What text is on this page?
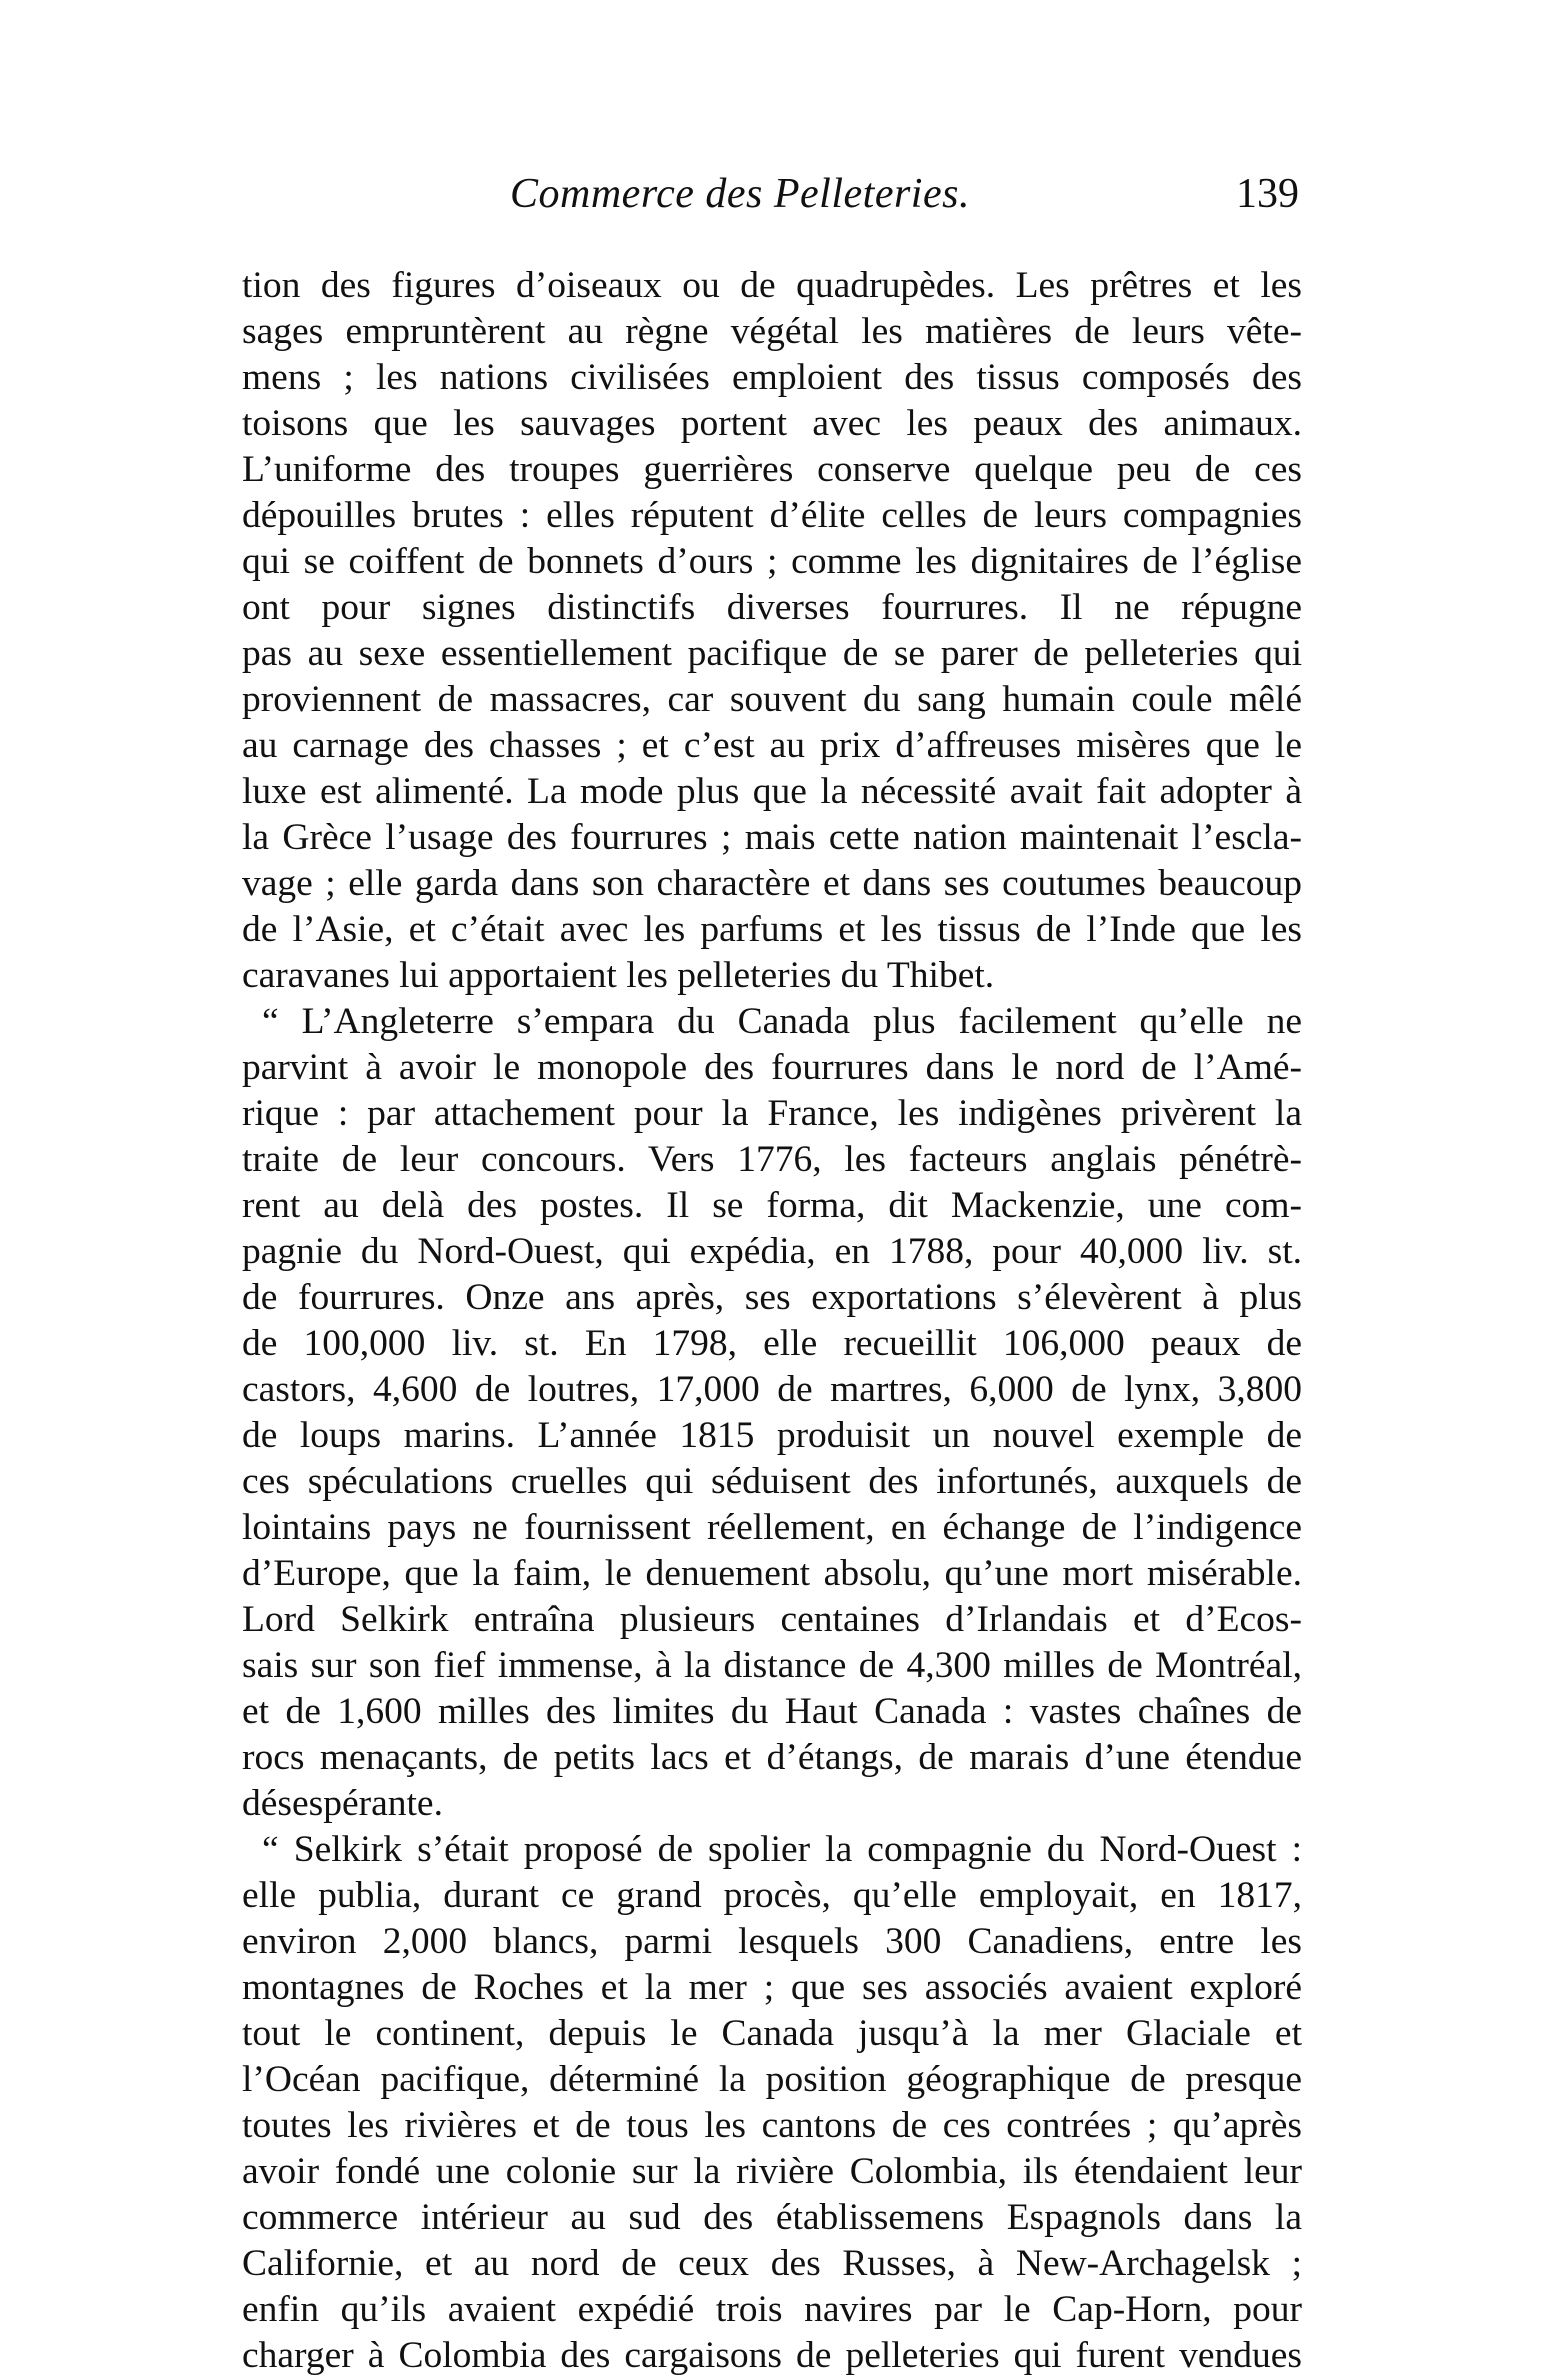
Commerce des Pelleteries.	139
tion des figures d’oiseaux ou de quadrupèdes. Les prêtres et les
sages empruntèrent au règne végétal les matières de leurs vête-
mens ; les nations civilisées emploient des tissus composés des
toisons que les sauvages portent avec les peaux des animaux.
L’uniforme des troupes guerrières conserve quelque peu de ces
dépouilles brutes : elles réputent d’élite celles de leurs compagnies
qui se coiffent de bonnets d’ours ; comme les dignitaires de l’église
ont pour signes distinctifs diverses fourrures. Il ne répugne
pas au sexe essentiellement pacifique de se parer de pelleteries qui
proviennent de massacres, car souvent du sang humain coule mêlé
au carnage des chasses ; et c’est au prix d’affreuses misères que le
luxe est alimenté. La mode plus que la nécessité avait fait adopter à
la Grèce l’usage des fourrures ; mais cette nation maintenait l’escla-
vage ; elle garda dans son charactère et dans ses coutumes beaucoup
de l’Asie, et c’était avec les parfums et les tissus de l’Inde que les
caravanes lui apportaient les pelleteries du Thibet.
“ L’Angleterre s’empara du Canada plus facilement qu’elle ne
parvint à avoir le monopole des fourrures dans le nord de l’Amé-
rique : par attachement pour la France, les indigènes privèrent la
traite de leur concours. Vers 1776, les facteurs anglais pénétrè-
rent au delà des postes. Il se forma, dit Mackenzie, une com-
pagnie du Nord-Ouest, qui expédia, en 1788, pour 40,000 liv. st.
de fourrures. Onze ans après, ses exportations s’élevèrent à plus
de 100,000 liv. st. En 1798, elle recueillit 106,000 peaux de
castors, 4,600 de loutres, 17,000 de martres, 6,000 de lynx, 3,800
de loups marins. L’année 1815 produisit un nouvel exemple de
ces spéculations cruelles qui séduisent des infortunés, auxquels de
lointains pays ne fournissent réellement, en échange de l’indigence
d’Europe, que la faim, le denuement absolu, qu’une mort misérable.
Lord Selkirk entraîna plusieurs centaines d’Irlandais et d’Ecos-
sais sur son fief immense, à la distance de 4,300 milles de Montréal,
et de 1,600 milles des limites du Haut Canada : vastes chaînes de
rocs menaçants, de petits lacs et d’étangs, de marais d’une étendue
désespérante.
“ Selkirk s’était proposé de spolier la compagnie du Nord-Ouest :
elle publia, durant ce grand procès, qu’elle employait, en 1817,
environ 2,000 blancs, parmi lesquels 300 Canadiens, entre les
montagnes de Roches et la mer ; que ses associés avaient exploré
tout le continent, depuis le Canada jusqu’à la mer Glaciale et
l’Océan pacifique, déterminé la position géographique de presque
toutes les rivières et de tous les cantons de ces contrées ; qu’après
avoir fondé une colonie sur la rivière Colombia, ils étendaient leur
commerce intérieur au sud des établissemens Espagnols dans la
Californie, et au nord de ceux des Russes, à New-Archagelsk ;
enfin qu’ils avaient expédié trois navires par le Cap-Horn, pour
charger à Colombia des cargaisons de pelleteries qui furent vendues
